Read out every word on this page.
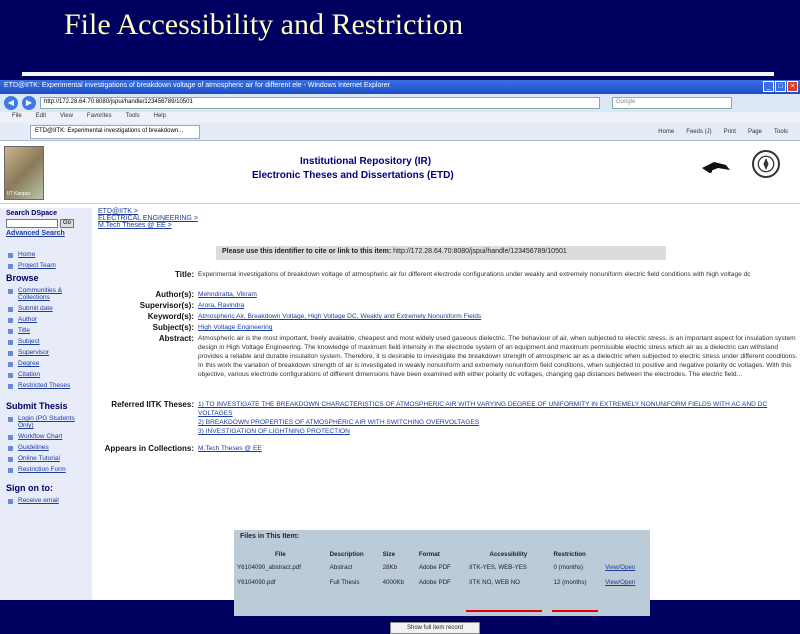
File Accessibility and Restriction
ETD@IITK: Experimental investigations of breakdown voltage of atmospheric air for different ele - Windows Internet Explorer	_	□	×
◀	▶	http://172.28.64.70:8080/jspui/handle/123456789/10501	Google
File Edit View Favorites Tools Help
ETD@IITK: Experimental investigations of breakdown...	Home Feeds (J) Print Page Tools
IIT Kanpur
Institutional Repository (IR)
Electronic Theses and Dissertations (ETD)
Search DSpace
Go
Advanced Search
Home
Project Team
Browse
Communities & Collections
Submit date
Author
Title
Subject
Supervisor
Degree
Citation
Restricted Theses
Submit Thesis
Login (PG Students Only)
Workflow Chart
Guidelines
Online Tutorial
Restriction Form
Sign on to:
Receive email
ETD@IITK >
ELECTRICAL ENGINEERING >
M.Tech Theses @ EE >
Please use this identifier to cite or link to this item: http://172.28.64.70:8080/jspui/handle/123456789/10501
Title: Experimental investigations of breakdown voltage of atmospheric air for different electrode configurations under weakly and extremely nonuniform electric field conditions with high voltage dc
Author(s): Mehndiratta, Vikram
Supervisor(s): Arora, Ravindra
Keyword(s): Atmospheric Air, Breakdown Voltage, High Voltage DC, Weakly and Extremely Nonuniform Fields
Subject(s): High Voltage Engineering
Abstract: Atmospheric air is the most important, freely available, cheapest and most widely used gaseous dielectric. The behaviour of air, when subjected to electric stress, is an important aspect for insulation system design in High Voltage Engineering. The knowledge of maximum field intensity in the electrode system of an equipment and maximum permissible electric stress which air as a dielectric can withstand provides a reliable and durable insulation system. Therefore, it is desirable to investigate the breakdown strength of atmospheric air as a dielectric when subjected to electric stress under different conditions. In this work the variation of breakdown strength of air is investigated in weakly nonuniform and extremely nonuniform field conditions, when subjected to positive and negative polarity dc voltages. With this objective, various electrode configurations of different dimensions have been examined with either polarity dc voltages, changing gap distances between the electrodes. The electric field...
Referred IITK Theses: 1) TO INVESTIGATE THE BREAKDOWN CHARACTERISTICS OF ATMOSPHERIC AIR WITH VARYING DEGREE OF UNIFORMITY IN EXTREMELY NONUNIFORM FIELDS WITH AC AND DC VOLTAGES
2) BREAKDOWN PROPERTIES OF ATMOSPHERIC AIR WITH SWITCHING OVERVOLTAGES
3) INVESTIGATION OF LIGHTNING PROTECTION
Appears in Collections: M.Tech Theses @ EE
Files in This Item:
File	Description	Size	Format	Accessibility	Restriction	
Y6104090_abstract.pdf	Abstract	28Kb	Adobe PDF	IITK-YES, WEB-YES	0 (months)	View/Open
Y6104090.pdf	Full Thesis	4000Kb	Adobe PDF	IITK NO, WEB NO	12 (months)	View/Open
Show full item record
